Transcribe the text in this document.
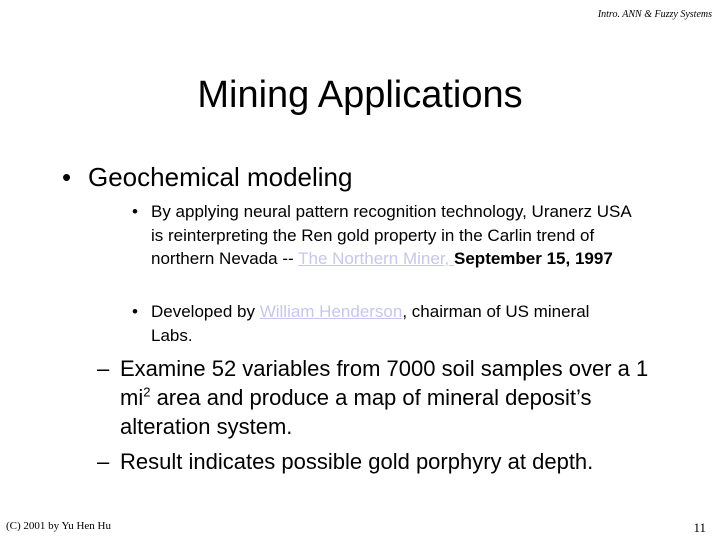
Intro. ANN & Fuzzy Systems
Mining Applications
• Geochemical modeling
• By applying neural pattern recognition technology, Uranerz USA is reinterpreting the Ren gold property in the Carlin trend of northern Nevada -- The Northern Miner, September 15, 1997
• Developed by William Henderson, chairman of US mineral Labs.
– Examine 52 variables from 7000 soil samples over a 1 $mi^2$ area and produce a map of mineral deposit’s alteration system.
– Result indicates possible gold porphyry at depth.
(C) 2001 by Yu Hen Hu	11
